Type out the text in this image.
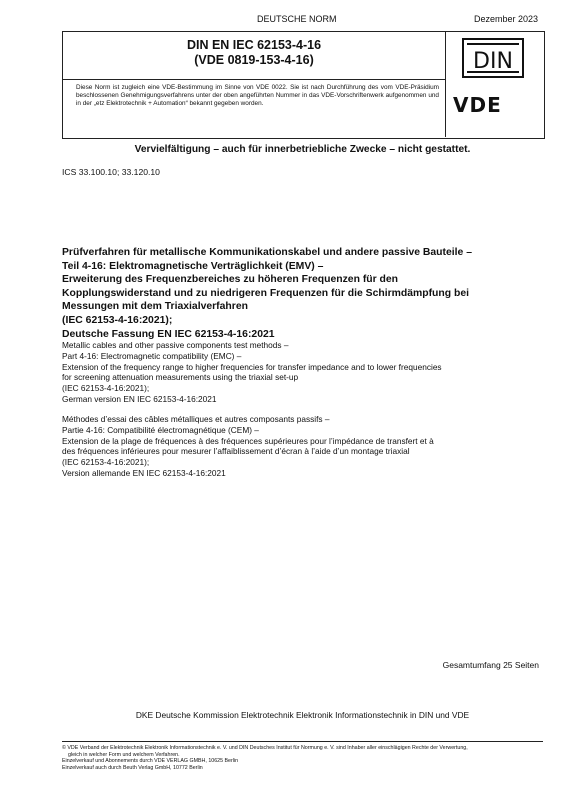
DEUTSCHE NORM	Dezember 2023
DIN EN IEC 62153-4-16
(VDE 0819-153-4-16)
Diese Norm ist zugleich eine VDE-Bestimmung im Sinne von VDE 0022. Sie ist nach Durchführung des vom VDE-Präsidium beschlossenen Genehmigungsverfahrens unter der oben angeführten Nummer in das VDE-Vorschriftenwerk aufgenommen und in der „etz Elektrotechnik + Automation“ bekannt gegeben worden.
DIN
VDE
Vervielfältigung – auch für innerbetriebliche Zwecke – nicht gestattet.
ICS 33.100.10; 33.120.10
Prüfverfahren für metallische Kommunikationskabel und andere passive Bauteile –
Teil 4-16: Elektromagnetische Verträglichkeit (EMV) –
Erweiterung des Frequenzbereiches zu höheren Frequenzen für den
Kopplungswiderstand und zu niedrigeren Frequenzen für die Schirmdämpfung bei
Messungen mit dem Triaxialverfahren
(IEC 62153-4-16:2021);
Deutsche Fassung EN IEC 62153-4-16:2021
Metallic cables and other passive components test methods –
Part 4-16: Electromagnetic compatibility (EMC) –
Extension of the frequency range to higher frequencies for transfer impedance and to lower frequencies
for screening attenuation measurements using the triaxial set-up
(IEC 62153-4-16:2021);
German version EN IEC 62153-4-16:2021
Méthodes d’essai des câbles métalliques et autres composants passifs –
Partie 4-16: Compatibilité électromagnétique (CEM) –
Extension de la plage de fréquences à des fréquences supérieures pour l’impédance de transfert et à
des fréquences inférieures pour mesurer l’affaiblissement d’écran à l’aide d’un montage triaxial
(IEC 62153-4-16:2021);
Version allemande EN IEC 62153-4-16:2021
Gesamtumfang 25 Seiten
DKE Deutsche Kommission Elektrotechnik Elektronik Informationstechnik in DIN und VDE
© VDE Verband der Elektrotechnik Elektronik Informationstechnik e. V. und DIN Deutsches Institut für Normung e. V. sind Inhaber aller einschlägigen Rechte der Verwertung,
gleich in welcher Form und welchem Verfahren.
Einzelverkauf und Abonnements durch VDE VERLAG GMBH, 10625 Berlin
Einzelverkauf auch durch Beuth Verlag GmbH, 10772 Berlin
